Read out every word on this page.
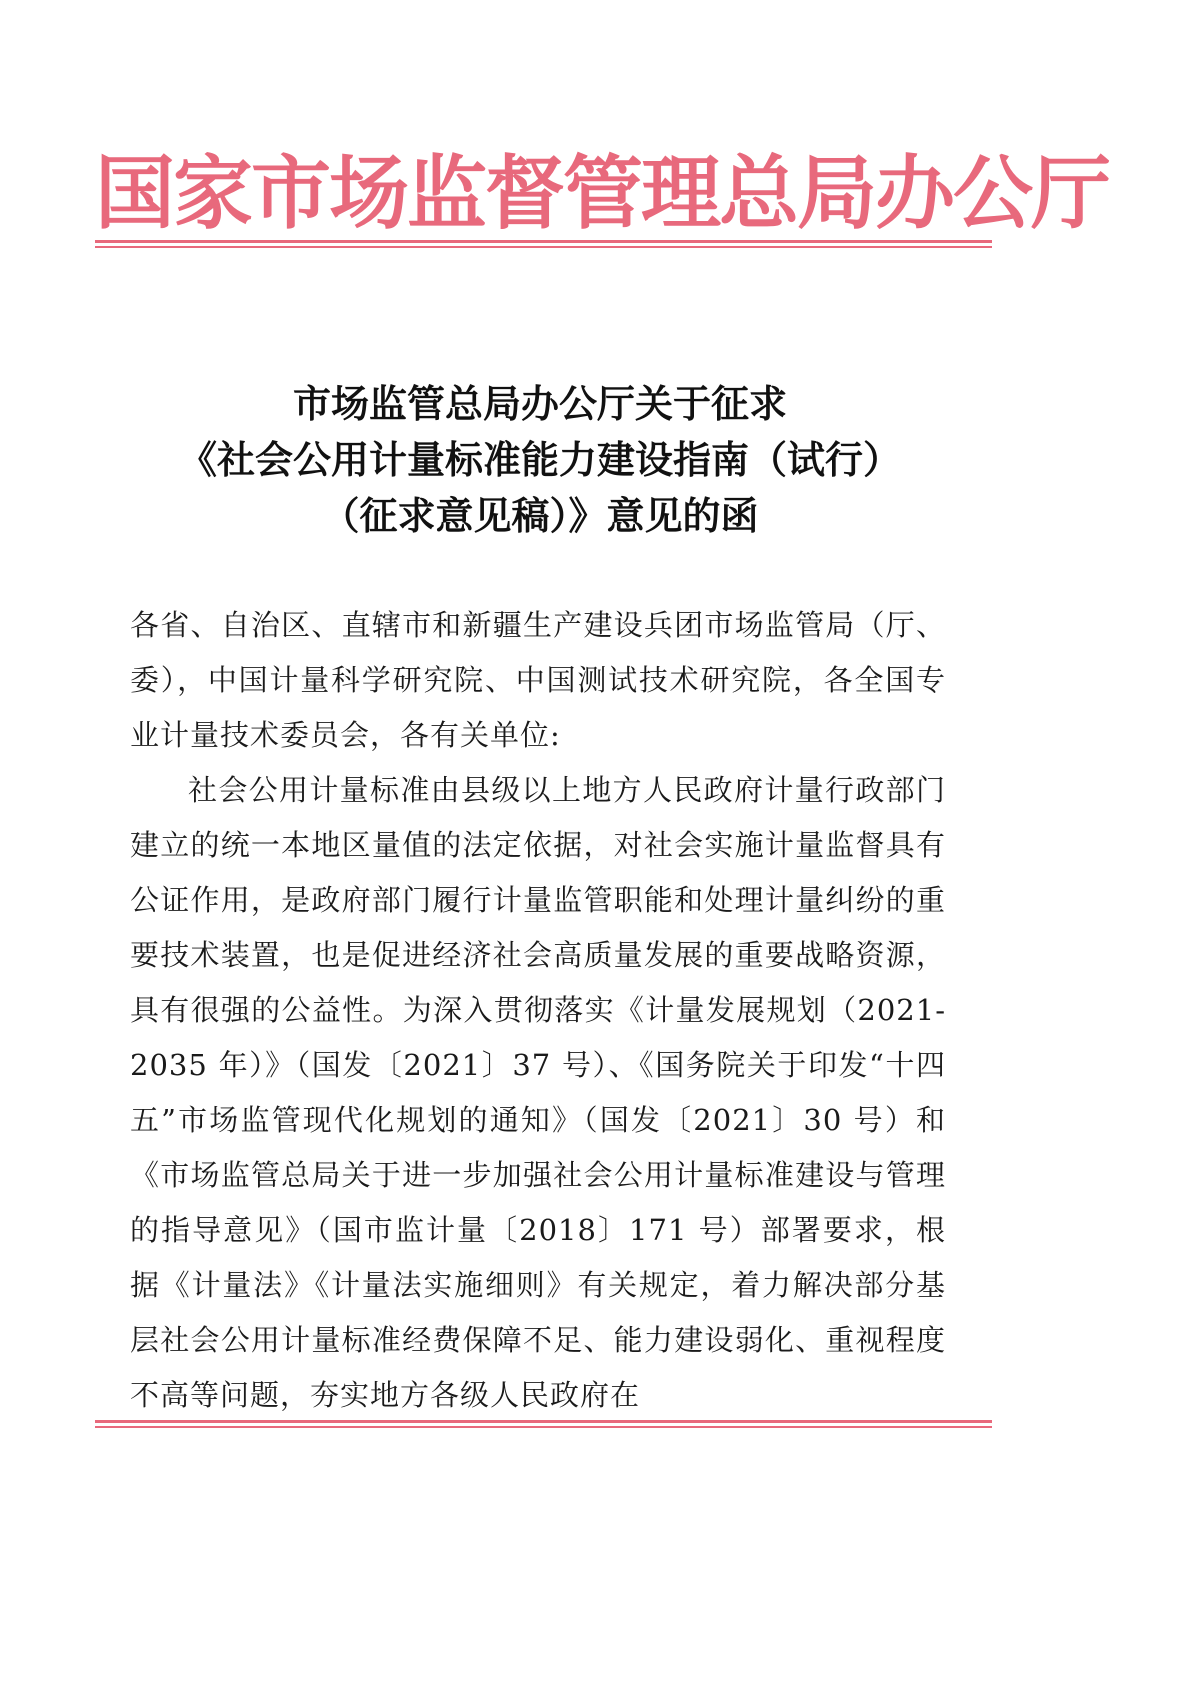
国家市场监督管理总局办公厅
市场监管总局办公厅关于征求
《社会公用计量标准能力建设指南（试行）
（征求意见稿）》意见的函

各省、自治区、直辖市和新疆生产建设兵团市场监管局（厅、委），中国计量科学研究院、中国测试技术研究院，各全国专业计量技术委员会，各有关单位:

社会公用计量标准由县级以上地方人民政府计量行政部门建立的统一本地区量值的法定依据，对社会实施计量监督具有公证作用，是政府部门履行计量监管职能和处理计量纠纷的重要技术装置，也是促进经济社会高质量发展的重要战略资源，具有很强的公益性。为深入贯彻落实《计量发展规划（2021-2035 年）》（国发〔2021〕37 号）、《国务院关于印发“十四五”市场监管现代化规划的通知》（国发〔2021〕30 号）和《市场监管总局关于进一步加强社会公用计量标准建设与管理的指导意见》（国市监计量〔2018〕171 号）部署要求，根据《计量法》《计量法实施细则》有关规定，着力解决部分基层社会公用计量标准经费保障不足、能力建设弱化、重视程度不高等问题，夯实地方各级人民政府在
